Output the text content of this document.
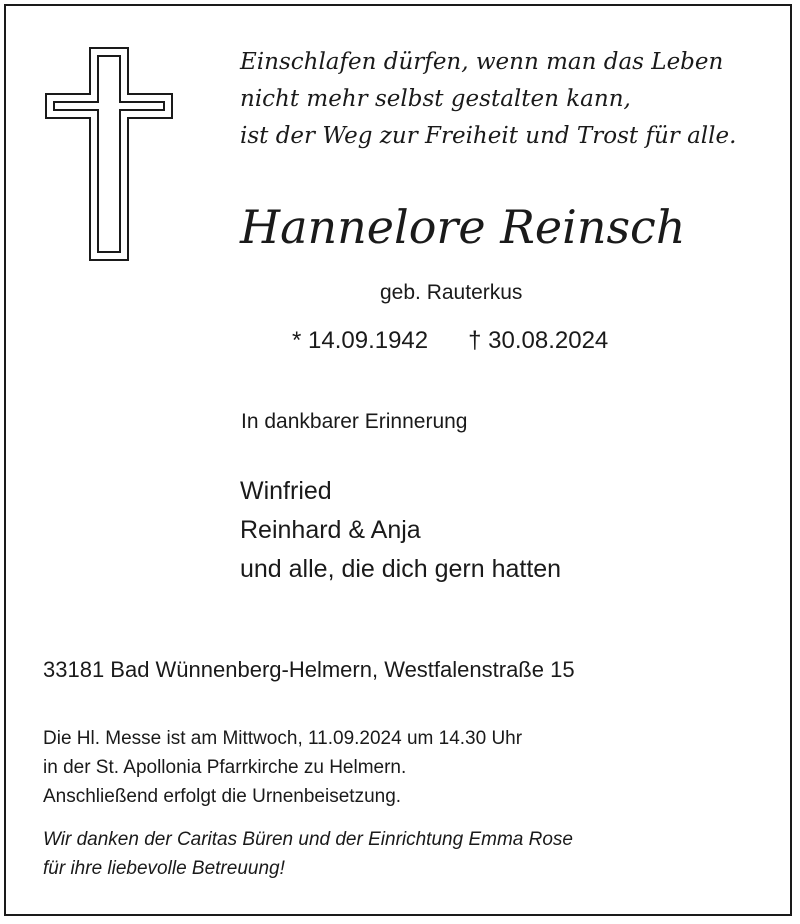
Einschlafen dürfen, wenn man das Leben
nicht mehr selbst gestalten kann,
ist der Weg zur Freiheit und Trost für alle.
Hannelore Reinsch
geb. Rauterkus
* 14.09.1942 † 30.08.2024
In dankbarer Erinnerung
Winfried
Reinhard & Anja
und alle, die dich gern hatten
33181 Bad Wünnenberg-Helmern, Westfalenstraße 15
Die Hl. Messe ist am Mittwoch, 11.09.2024 um 14.30 Uhr
in der St. Apollonia Pfarrkirche zu Helmern.
Anschließend erfolgt die Urnenbeisetzung.
Wir danken der Caritas Büren und der Einrichtung Emma Rose
für ihre liebevolle Betreuung!
